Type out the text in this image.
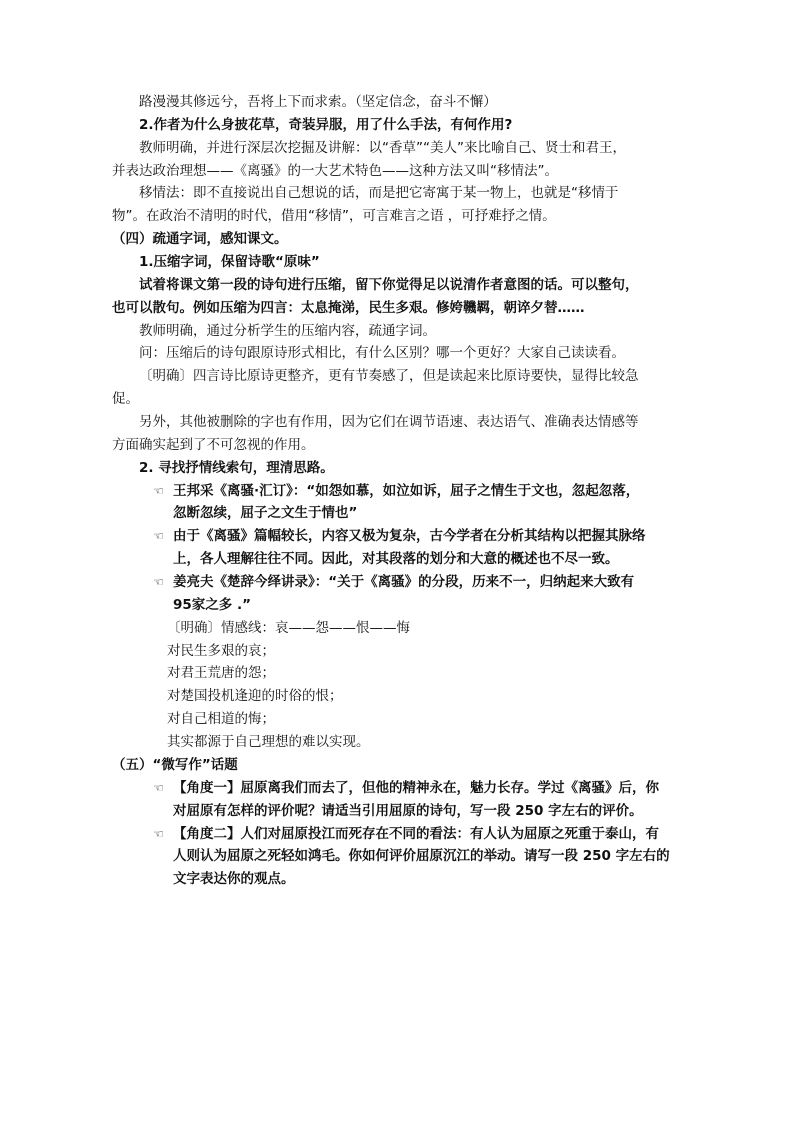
路漫漫其修远兮，吾将上下而求索。（坚定信念，奋斗不懈）

2.作者为什么身披花草，奇装异服，用了什么手法，有何作用?

教师明确，并进行深层次挖掘及讲解：以“香草”“美人”来比喻自己、贤士和君王，

并表达政治理想——《离骚》的一大艺术特色——这种方法又叫“移情法”。

移情法：即不直接说出自己想说的话，而是把它寄寓于某一物上，也就是“移情于

物”。在政治不清明的时代，借用“移情”，可言难言之语 ，可抒难抒之情。

（四）疏通字词，感知课文。

1.压缩字词，保留诗歌“原味”

试着将课文第一段的诗句进行压缩，留下你觉得足以说清作者意图的话。可以整句，

也可以散句。例如压缩为四言：太息掩涕，民生多艰。修姱鞿羁，朝谇夕替……

教师明确，通过分析学生的压缩内容，疏通字词。

问：压缩后的诗句跟原诗形式相比，有什么区别？哪一个更好？大家自己读读看。

〔明确〕四言诗比原诗更整齐，更有节奏感了，但是读起来比原诗要快，显得比较急

促。

另外，其他被删除的字也有作用，因为它们在调节语速、表达语气、准确表达情感等

方面确实起到了不可忽视的作用。

2. 寻找抒情线索句，理清思路。

☜ 王邦采《离骚·汇订》：“如怨如慕，如泣如诉，屈子之情生于文也，忽起忽落，

忽断忽续，屈子之文生于情也”

☜ 由于《离骚》篇幅较长，内容又极为复杂，古今学者在分析其结构以把握其脉络

上，各人理解往往不同。因此，对其段落的划分和大意的概述也不尽一致。

☜ 姜亮夫《楚辞今绎讲录》：“关于《离骚》的分段，历来不一，归纳起来大致有

95家之多 .”

〔明确〕情感线：哀——怨——恨——悔

对民生多艰的哀；

对君王荒唐的怨；

对楚国投机逢迎的时俗的恨；

对自己相道的悔；

其实都源于自己理想的难以实现。

（五）“微写作”话题

☜ 【角度一】屈原离我们而去了，但他的精神永在，魅力长存。学过《离骚》后，你

对屈原有怎样的评价呢？请适当引用屈原的诗句，写一段 250 字左右的评价。

☜ 【角度二】人们对屈原投江而死存在不同的看法：有人认为屈原之死重于泰山，有

人则认为屈原之死轻如鸿毛。你如何评价屈原沉江的举动。请写一段 250 字左右的

文字表达你的观点。
